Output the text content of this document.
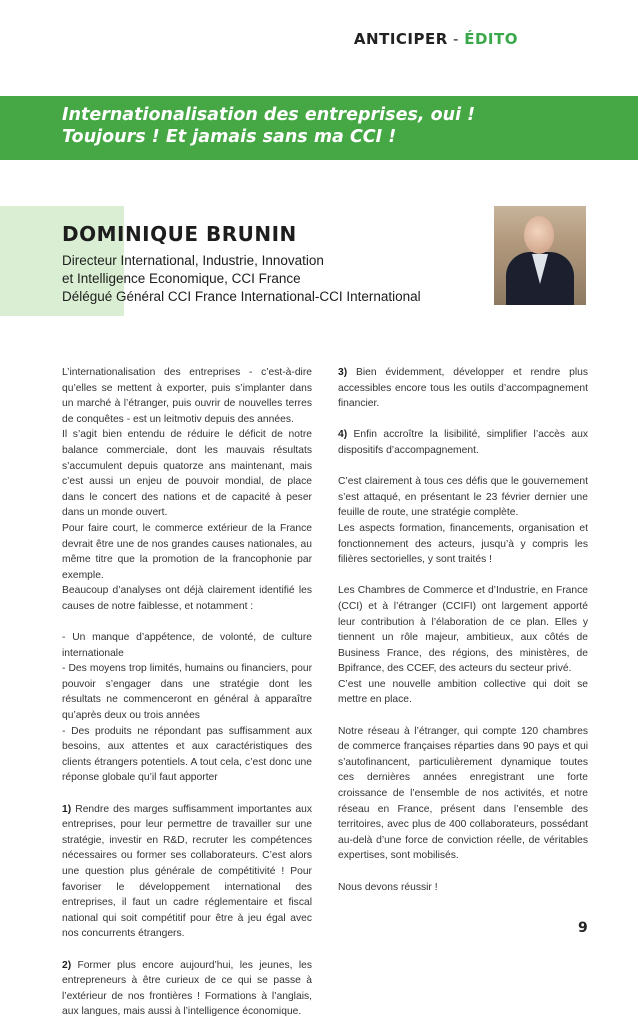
ANTICIPER - ÉDITO
Internationalisation des entreprises, oui !
Toujours ! Et jamais sans ma CCI !
DOMINIQUE BRUNIN
Directeur International, Industrie, Innovation
et Intelligence Economique, CCI France
Délégué Général CCI France International-CCI International

L’internationalisation des entreprises - c’est-à-dire qu’elles se mettent à exporter, puis s’implanter dans un marché à l’étranger, puis ouvrir de nouvelles terres de conquêtes - est un leitmotiv depuis des années.
Il s’agit bien entendu de réduire le déficit de notre balance commerciale, dont les mauvais résultats s’accumulent depuis quatorze ans maintenant, mais c’est aussi un enjeu de pouvoir mondial, de place dans le concert des nations et de capacité à peser dans un monde ouvert.
Pour faire court, le commerce extérieur de la France devrait être une de nos grandes causes nationales, au même titre que la promotion de la francophonie par exemple.
Beaucoup d’analyses ont déjà clairement identifié les causes de notre faiblesse, et notamment :

- Un manque d’appétence, de volonté, de culture internationale
- Des moyens trop limités, humains ou financiers, pour pouvoir s’engager dans une stratégie dont les résultats ne commenceront en général à apparaître qu’après deux ou trois années
- Des produits ne répondant pas suffisamment aux besoins, aux attentes et aux caractéristiques des clients étrangers potentiels. A tout cela, c’est donc une réponse globale qu’il faut apporter

1) Rendre des marges suffisamment importantes aux entreprises, pour leur permettre de travailler sur une stratégie, investir en R&D, recruter les compétences nécessaires ou former ses collaborateurs. C’est alors une question plus générale de compétitivité ! Pour favoriser le développement international des entreprises, il faut un cadre réglementaire et fiscal national qui soit compétitif pour être à jeu égal avec nos concurrents étrangers.

2) Former plus encore aujourd’hui, les jeunes, les entrepreneurs à être curieux de ce qui se passe à l’extérieur de nos frontières ! Formations à l’anglais, aux langues, mais aussi à l’intelligence économique.

3) Bien évidemment, développer et rendre plus accessibles encore tous les outils d’accompagnement financier.

4) Enfin accroître la lisibilité, simplifier l’accès aux dispositifs d’accompagnement.

C’est clairement à tous ces défis que le gouvernement s’est attaqué, en présentant le 23 février dernier une feuille de route, une stratégie complète.
Les aspects formation, financements, organisation et fonctionnement des acteurs, jusqu’à y compris les filières sectorielles, y sont traités !

Les Chambres de Commerce et d’Industrie, en France (CCI) et à l’étranger (CCIFI) ont largement apporté leur contribution à l’élaboration de ce plan. Elles y tiennent un rôle majeur, ambitieux, aux côtés de Business France, des régions, des ministères, de Bpifrance, des CCEF, des acteurs du secteur privé.
C’est une nouvelle ambition collective qui doit se mettre en place.

Notre réseau à l’étranger, qui compte 120 chambres de commerce françaises réparties dans 90 pays et qui s’autofinancent, particulièrement dynamique toutes ces dernières années enregistrant une forte croissance de l’ensemble de nos activités, et notre réseau en France, présent dans l’ensemble des territoires, avec plus de 400 collaborateurs, possédant au-delà d’une force de conviction réelle, de véritables expertises, sont mobilisés.

Nous devons réussir !

9
